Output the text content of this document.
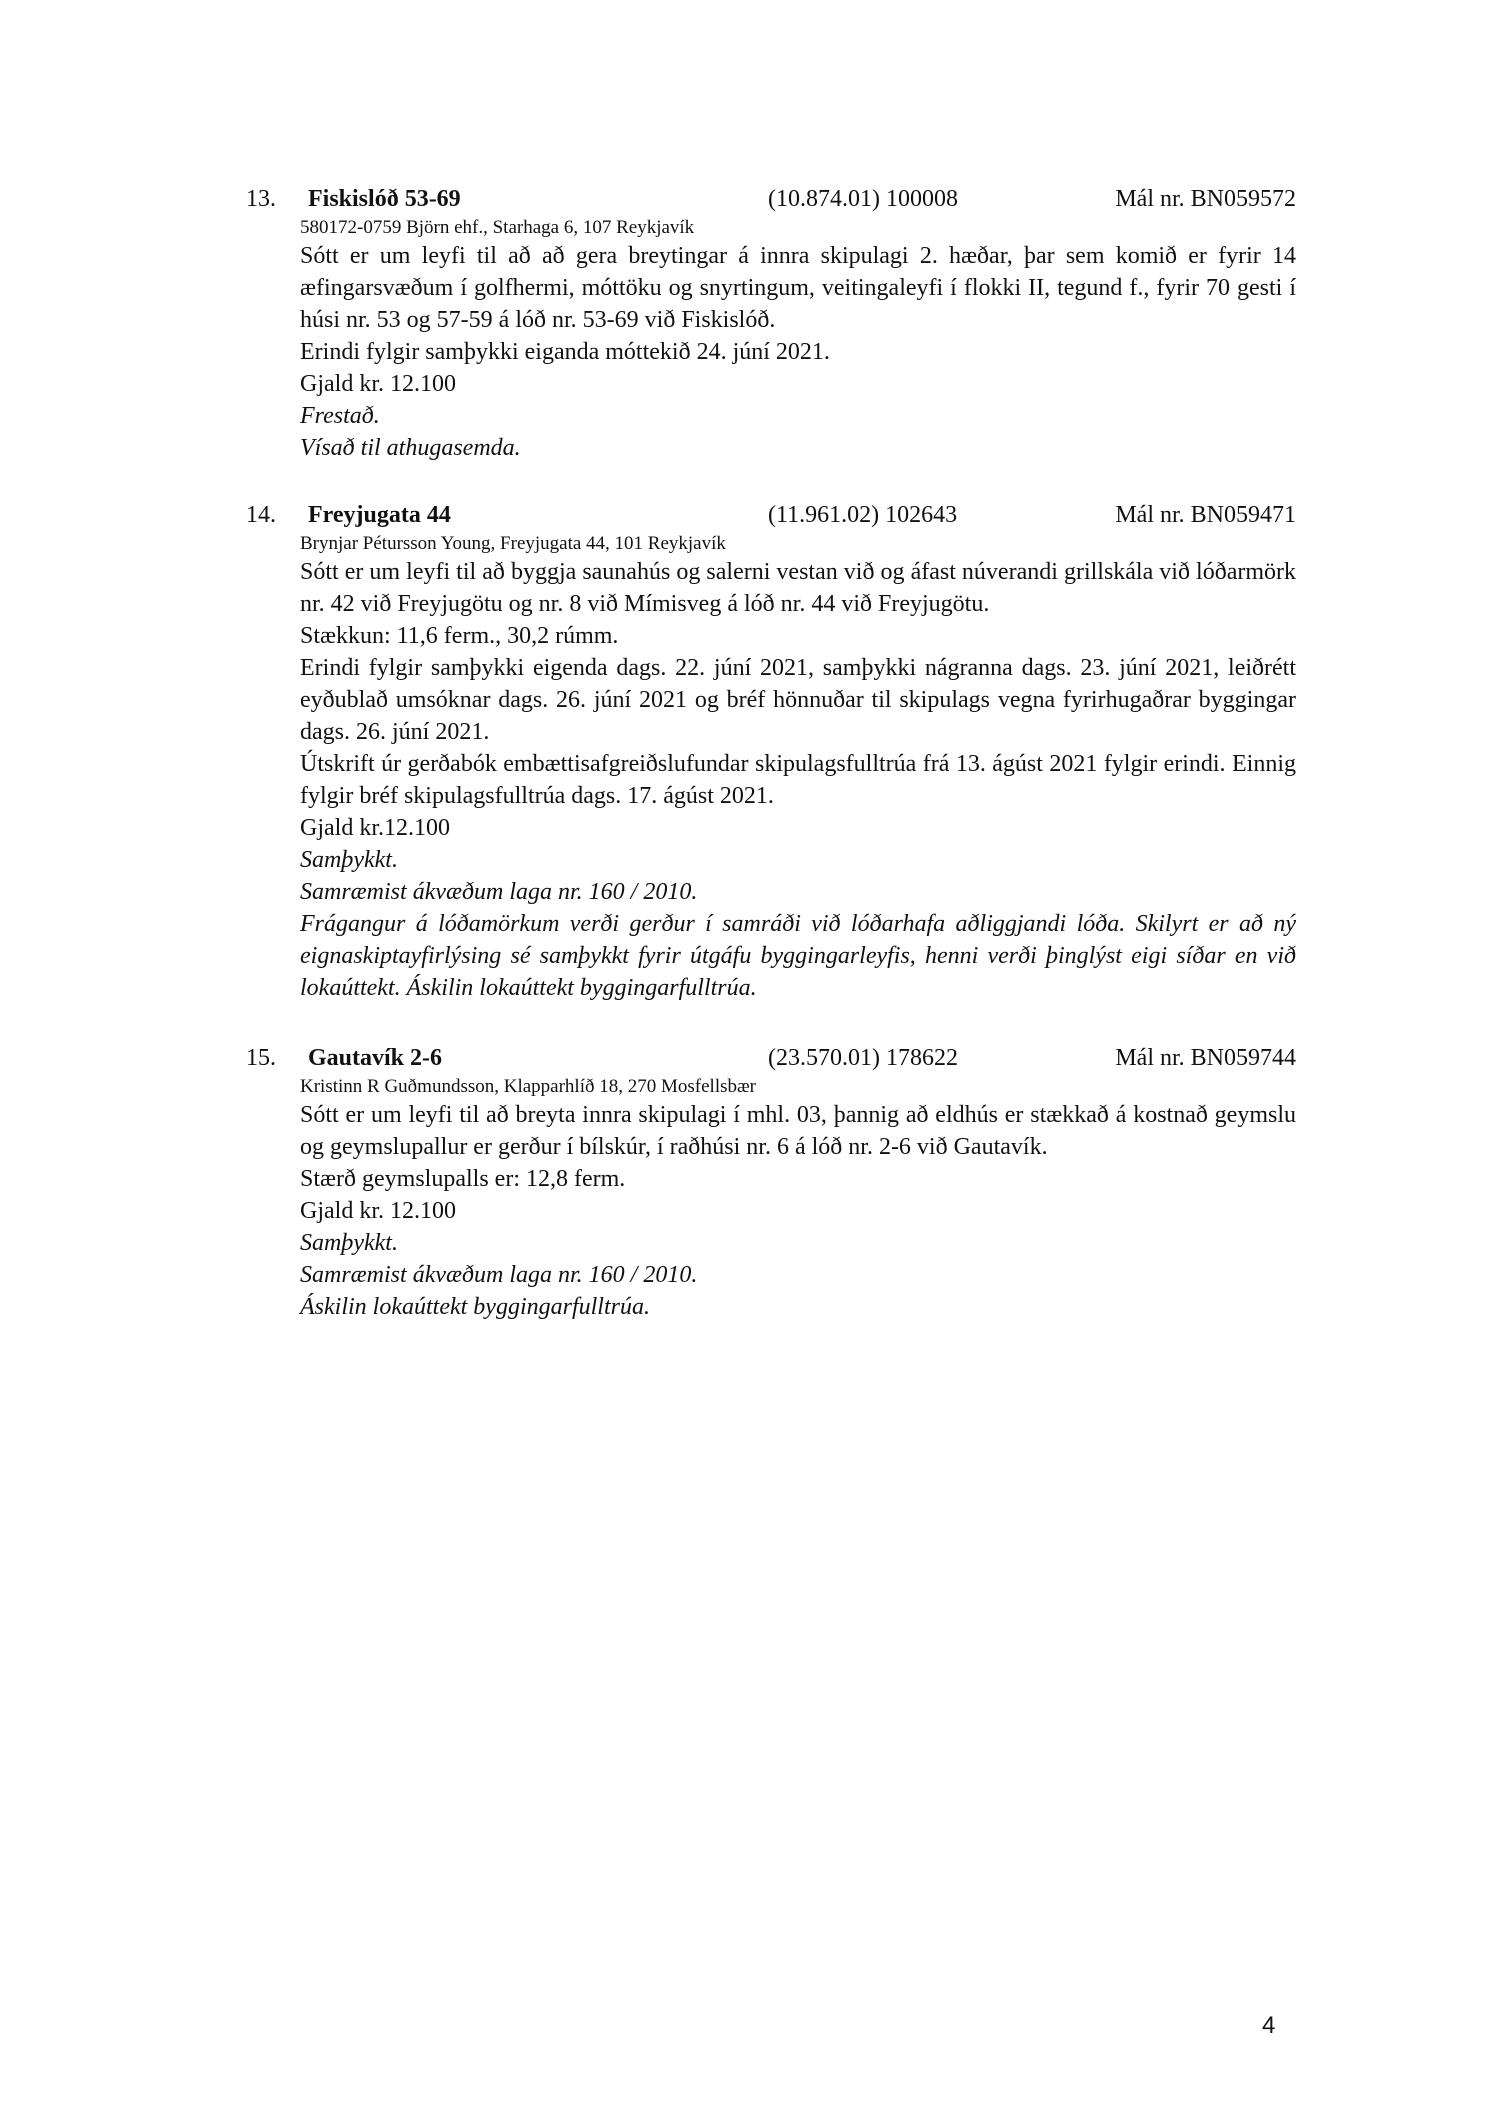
13. Fiskislóð 53-69	(10.874.01) 100008	Mál nr. BN059572
580172-0759 Björn ehf., Starhaga 6, 107 Reykjavík
Sótt er um leyfi til að að gera breytingar á innra skipulagi 2. hæðar, þar sem komið er fyrir 14 æfingarsvæðum í golfhermi, móttöku og snyrtingum, veitingaleyfi í flokki II, tegund f., fyrir 70 gesti í húsi nr. 53 og 57-59 á lóð nr. 53-69 við Fiskislóð.
Erindi fylgir samþykki eiganda móttekið 24. júní 2021.
Gjald kr. 12.100
Frestað.
Vísað til athugasemda.
14. Freyjugata 44	(11.961.02) 102643	Mál nr. BN059471
Brynjar Pétursson Young, Freyjugata 44, 101 Reykjavík
Sótt er um leyfi til að byggja saunahús og salerni vestan við og áfast núverandi grillskála við lóðarmörk nr. 42 við Freyjugötu og nr. 8 við Mímisveg á lóð nr. 44 við Freyjugötu.
Stækkun: 11,6 ferm., 30,2 rúmm.
Erindi fylgir samþykki eigenda dags. 22. júní 2021, samþykki nágranna dags. 23. júní 2021, leiðrétt eyðublað umsóknar dags. 26. júní 2021 og bréf hönnuðar til skipulags vegna fyrirhugaðrar byggingar dags. 26. júní 2021.
Útskrift úr gerðabók embættisafgreiðslufundar skipulagsfulltrúa frá 13. ágúst 2021 fylgir erindi. Einnig fylgir bréf skipulagsfulltrúa dags. 17. ágúst 2021.
Gjald kr.12.100
Samþykkt.
Samræmist ákvæðum laga nr. 160 / 2010.
Frágangur á lóðamörkum verði gerður í samráði við lóðarhafa aðliggjandi lóða. Skilyrt er að ný eignaskiptayfirlýsing sé samþykkt fyrir útgáfu byggingarleyfis, henni verði þinglýst eigi síðar en við lokaúttekt. Áskilin lokaúttekt byggingarfulltrúa.
15. Gautavík 2-6	(23.570.01) 178622	Mál nr. BN059744
Kristinn R Guðmundsson, Klapparhlíð 18, 270 Mosfellsbær
Sótt er um leyfi til að breyta innra skipulagi í mhl. 03, þannig að eldhús er stækkað á kostnað geymslu og geymslupallur er gerður í bílskúr, í raðhúsi nr. 6 á lóð nr. 2-6 við Gautavík.
Stærð geymslupalls er: 12,8 ferm.
Gjald kr. 12.100
Samþykkt.
Samræmist ákvæðum laga nr. 160 / 2010.
Áskilin lokaúttekt byggingarfulltrúa.
4
